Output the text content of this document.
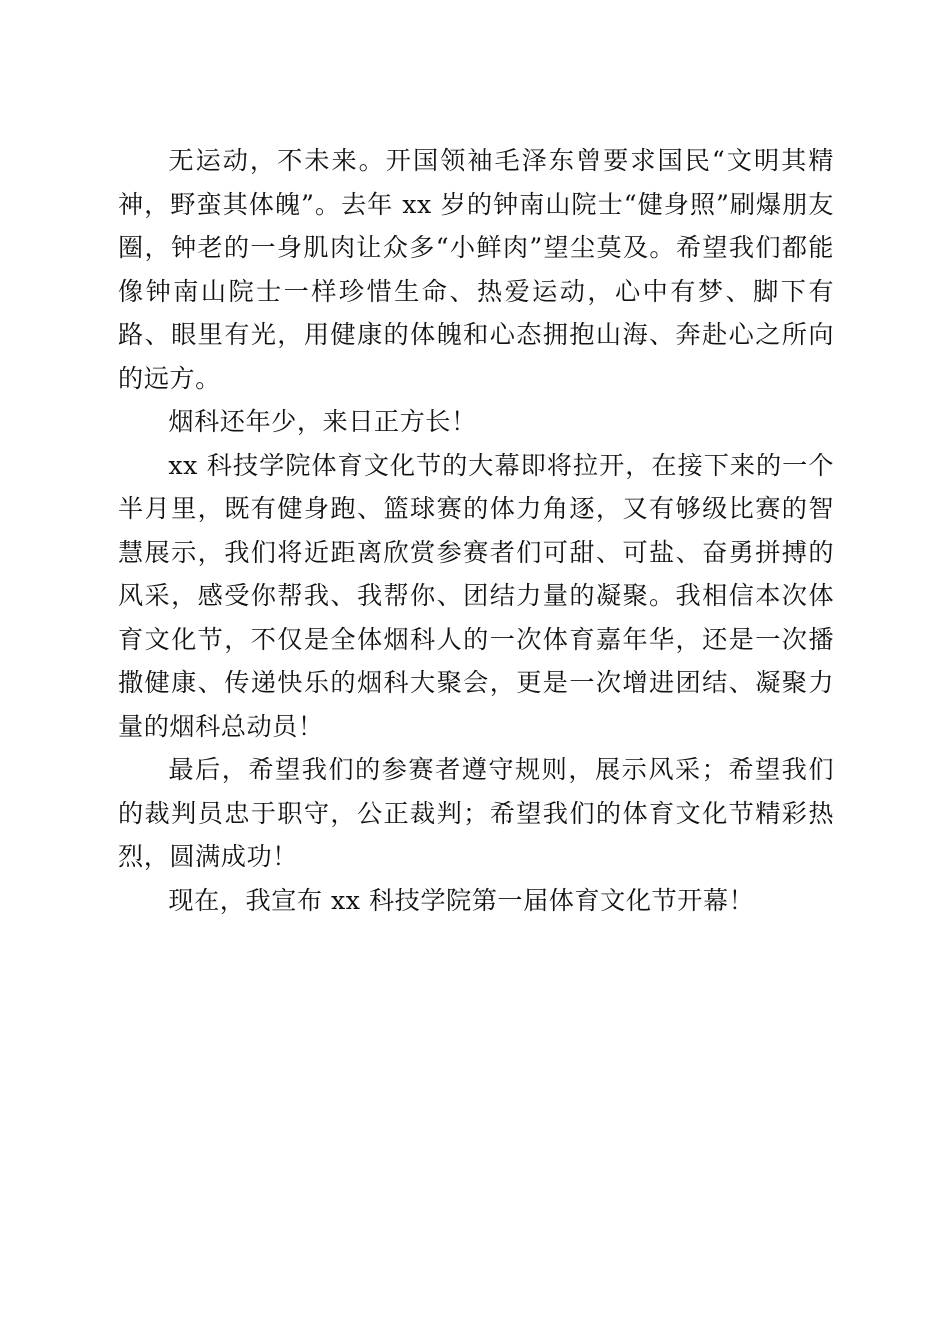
无运动，不未来。开国领袖毛泽东曾要求国民“文明其精神，野蛮其体魄”。去年 xx 岁的钟南山院士“健身照”刷爆朋友圈，钟老的一身肌肉让众多“小鲜肉”望尘莫及。希望我们都能像钟南山院士一样珍惜生命、热爱运动，心中有梦、脚下有路、眼里有光，用健康的体魄和心态拥抱山海、奔赴心之所向的远方。

烟科还年少，来日正方长！

xx 科技学院体育文化节的大幕即将拉开，在接下来的一个半月里，既有健身跑、篮球赛的体力角逐，又有够级比赛的智慧展示，我们将近距离欣赏参赛者们可甜、可盐、奋勇拼搏的风采，感受你帮我、我帮你、团结力量的凝聚。我相信本次体育文化节，不仅是全体烟科人的一次体育嘉年华，还是一次播撒健康、传递快乐的烟科大聚会，更是一次增进团结、凝聚力量的烟科总动员！

最后，希望我们的参赛者遵守规则，展示风采；希望我们的裁判员忠于职守，公正裁判；希望我们的体育文化节精彩热烈，圆满成功！

现在，我宣布 xx 科技学院第一届体育文化节开幕！
